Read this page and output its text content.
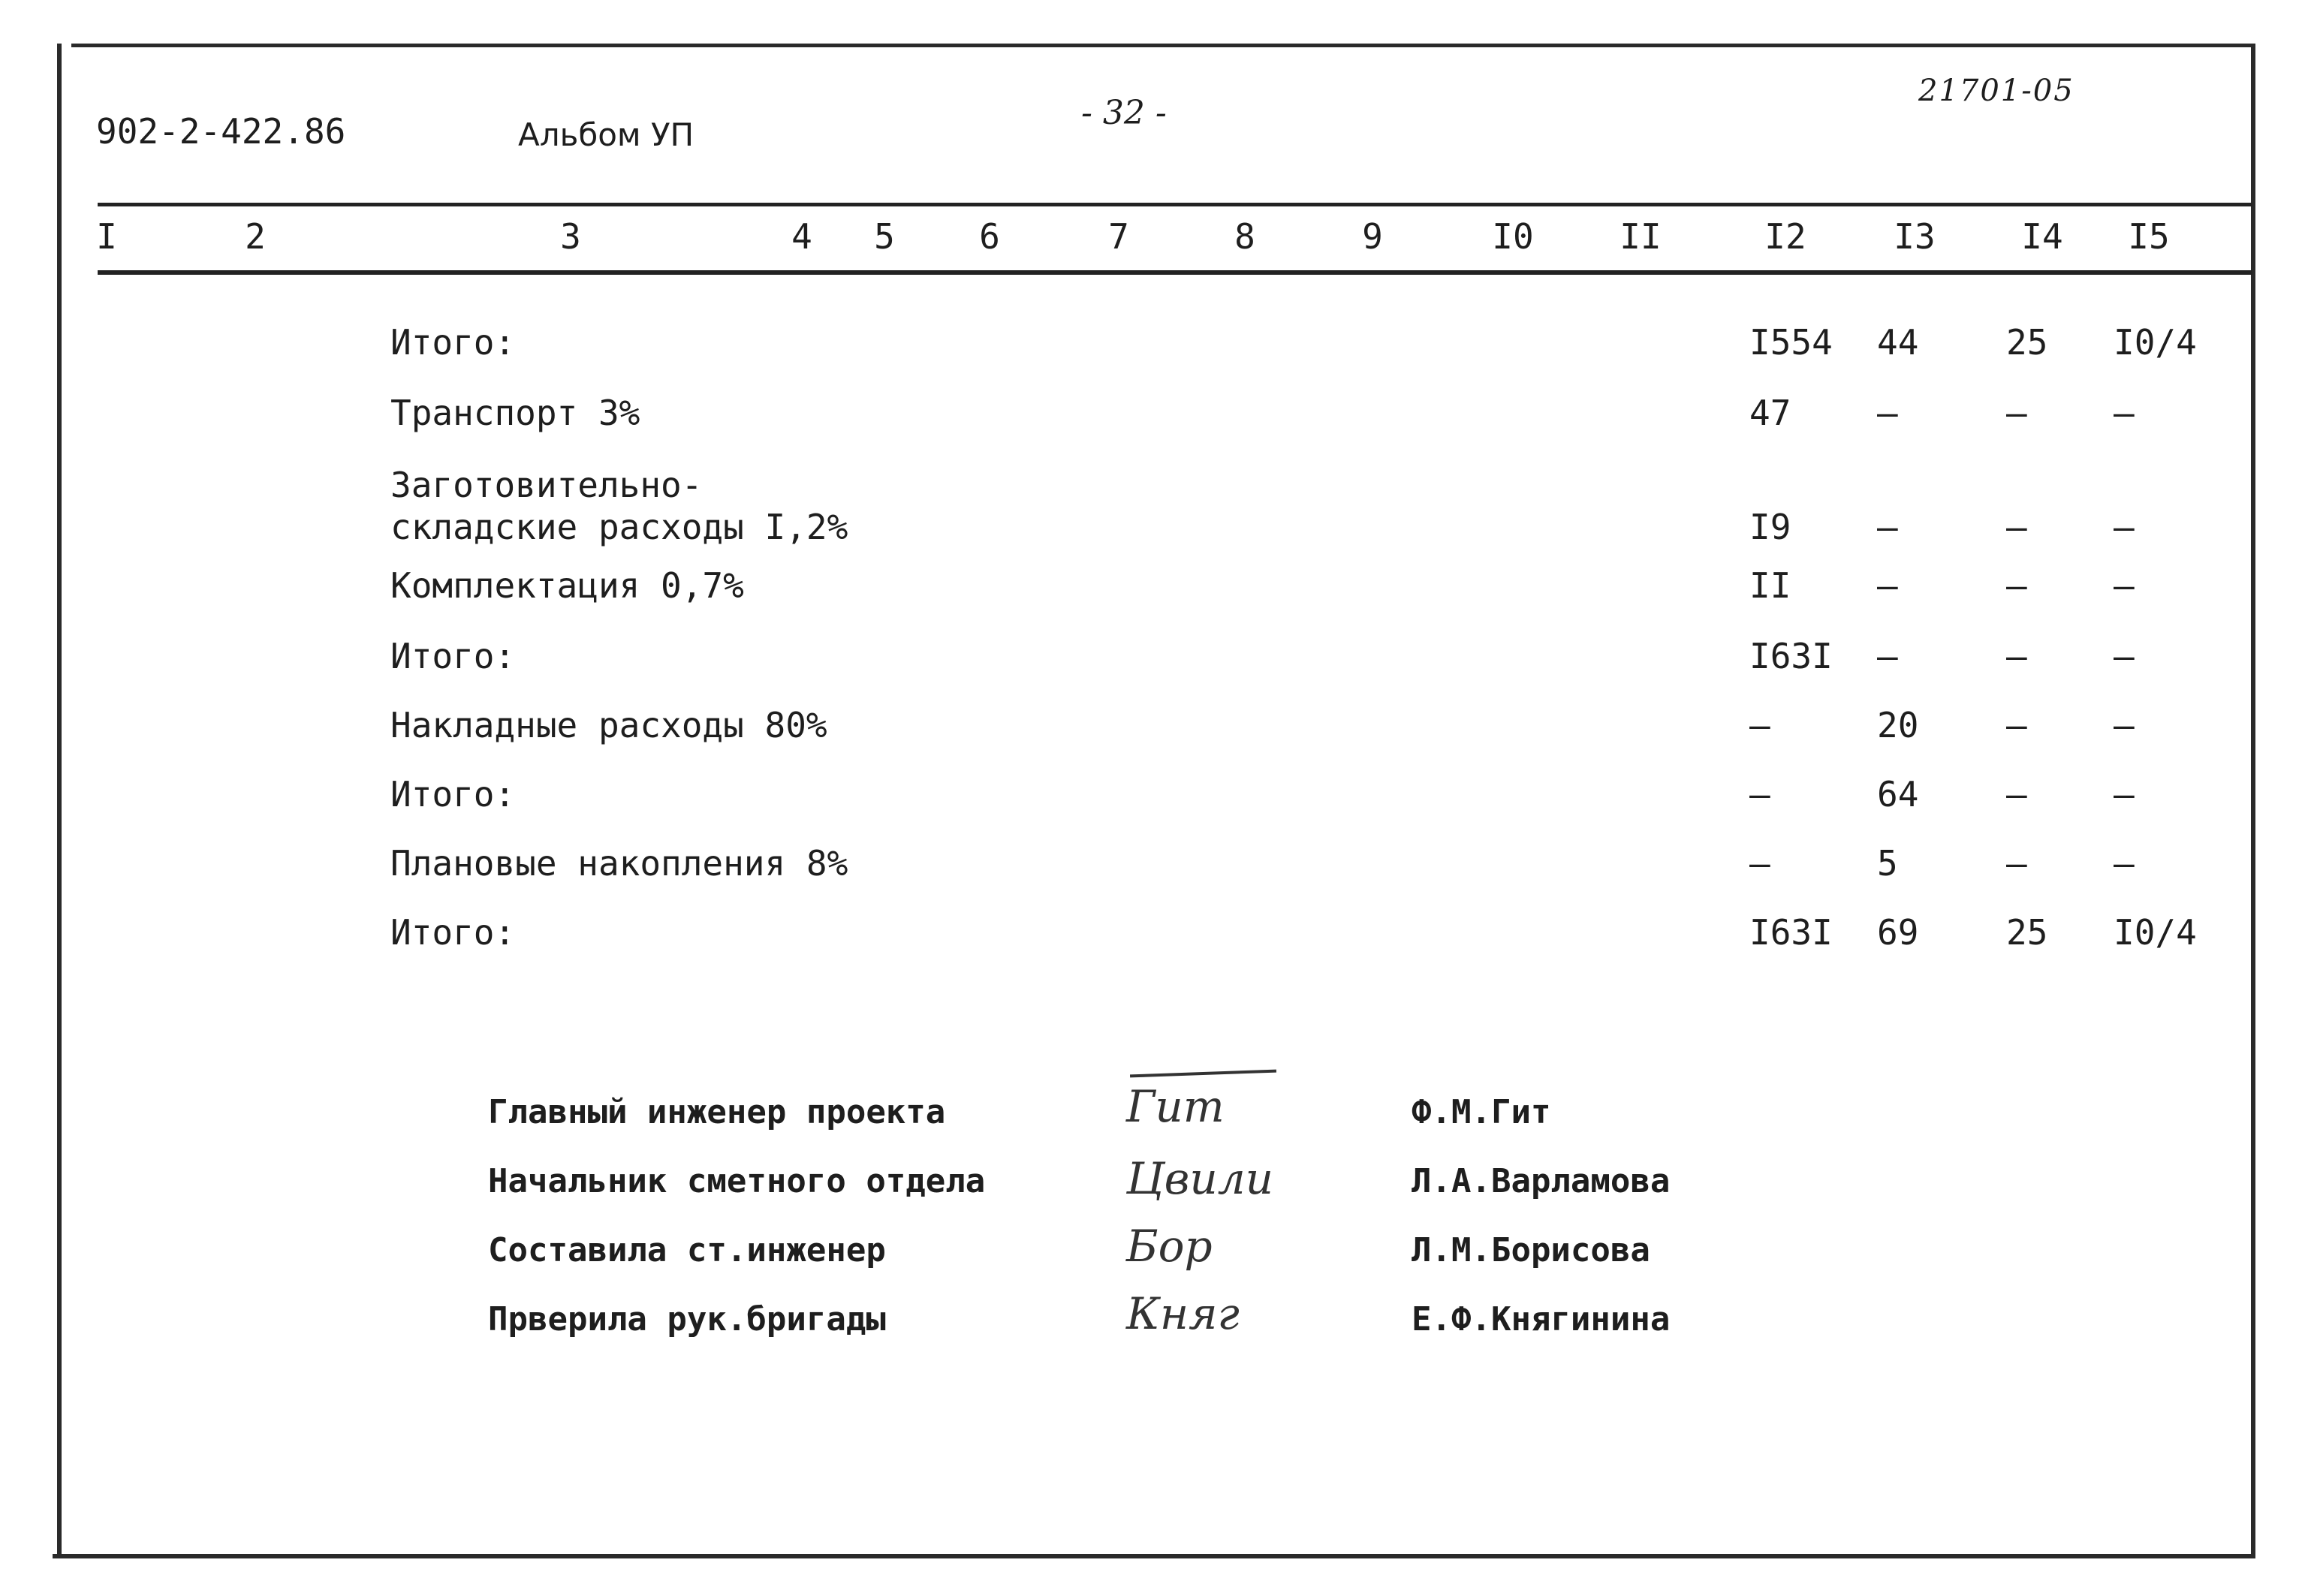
902-2-422.86	Альбом УП
- 32 -
21701-05
I	2	3	4 5 6	7	8	9	I0 II	I2	I3 I4 I5
Итого:	I554 44	25 I0/4
Транспорт 3%	47 –	–	–
Заготовительно-
складские расходы I,2%	I9 –	–	–
Комплектация 0,7%	II –	–	–
Итого:	I63I –	–	–
Накладные расходы 80%	–	20	–	–
Итого:	–	64	–	–
Плановые накопления 8%	–	5	–	–
Итого:	I63I 69	25 I0/4
Главный инженер проекта	Гит	Ф.М.Гит
Начальник сметного отдела	Цвили	Л.А.Варламова
Составила ст.инженер	Бор	Л.М.Борисова
Прверила рук.бригады	Княг	Е.Ф.Княгинина
